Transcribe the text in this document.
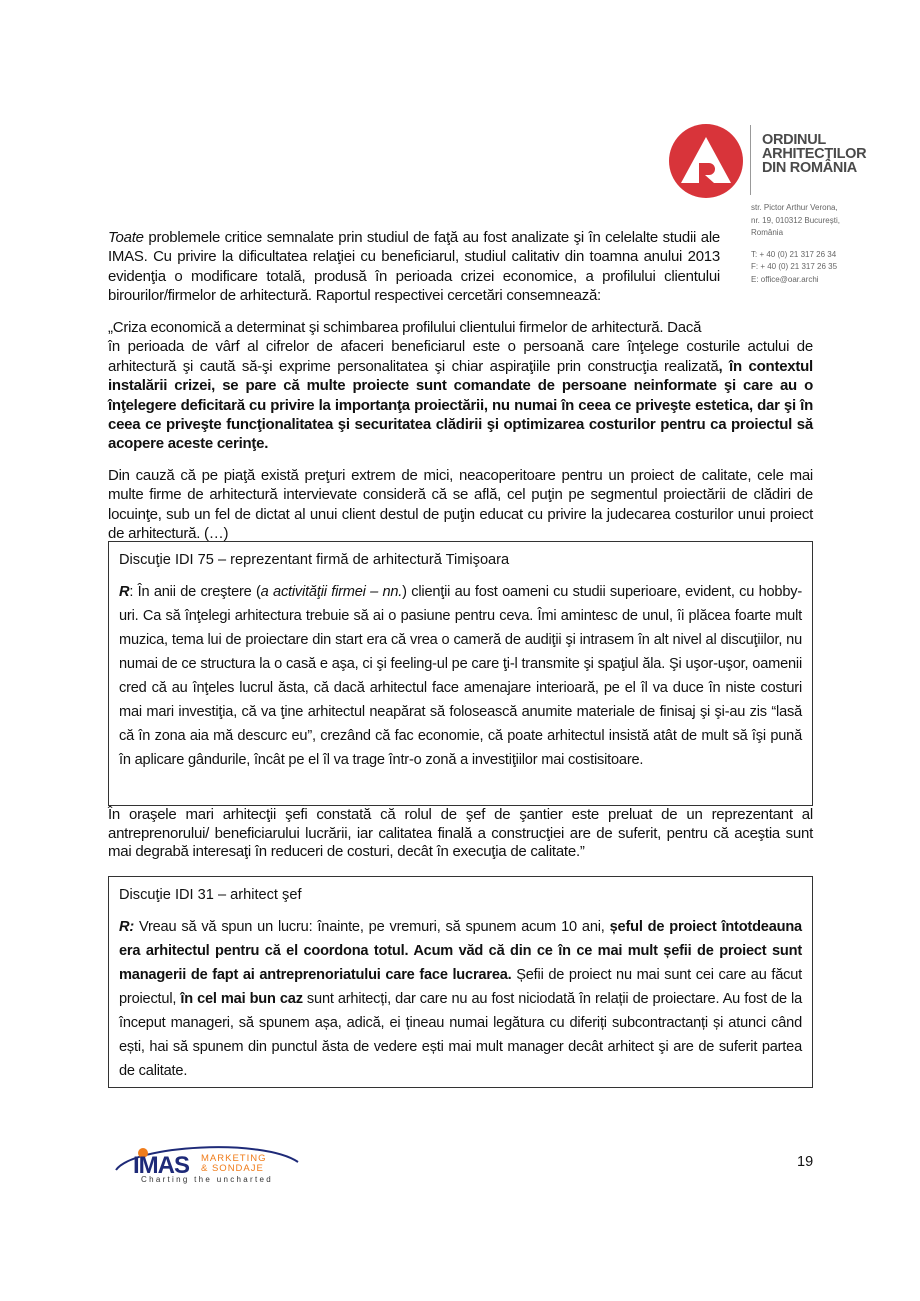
ORDINUL
ARHITECȚILOR
DIN ROMÂNIA
str. Pictor Arthur Verona,
nr. 19, 010312 București,
România
T: + 40 (0) 21 317 26 34
F: + 40 (0) 21 317 26 35
E: office@oar.archi

Toate problemele critice semnalate prin studiul de faţă au fost analizate şi în celelalte studii ale IMAS. Cu privire la dificultatea relaţiei cu beneficiarul, studiul calitativ din toamna anului 2013 evidenţia o modificare totală, produsă în perioada crizei economice, a profilului clientului birourilor/firmelor de arhitectură. Raportul respectivei cercetări consemnează:

„Criza economică a determinat şi schimbarea profilului clientului firmelor de arhitectură. Dacă
în perioada de vârf al cifrelor de afaceri beneficiarul este o persoană care înţelege costurile actului de arhitectură şi caută să-şi exprime personalitatea şi chiar aspiraţiile prin construcţia realizată, în contextul instalării crizei, se pare că multe proiecte sunt comandate de persoane neinformate şi care au o înţelegere deficitară cu privire la importanţa proiectării, nu numai în ceea ce priveşte estetica, dar şi în ceea ce priveşte funcţionalitatea şi securitatea clădirii şi optimizarea costurilor pentru ca proiectul să acopere aceste cerinţe.

Din cauză că pe piaţă există preţuri extrem de mici, neacoperitoare pentru un proiect de calitate, cele mai multe firme de arhitectură intervievate consideră că se află, cel puţin pe segmentul proiectării de clădiri de locuinţe, sub un fel de dictat al unui client destul de puţin educat cu privire la judecarea costurilor unui proiect de arhitectură. (…)

Discuţie IDI 75 – reprezentant firmă de arhitectură Timişoara
R: În anii de creştere (a activităţii firmei – nn.) clienţii au fost oameni cu studii superioare, evident, cu hobby-uri. Ca să înţelegi arhitectura trebuie să ai o pasiune pentru ceva. Îmi amintesc de unul, îi plăcea foarte mult muzica, tema lui de proiectare din start era că vrea o cameră de audiţii şi intrasem în alt nivel al discuţiilor, nu numai de ce structura la o casă e aşa, ci şi feeling-ul pe care ţi-l transmite şi spaţiul ăla. Şi uşor-uşor, oamenii cred că au înţeles lucrul ăsta, că dacă arhitectul face amenajare interioară, pe el îl va duce în niste costuri mai mari investiţia, că va ţine arhitectul neapărat să folosească anumite materiale de finisaj şi şi-au zis “lasă că în zona aia mă descurc eu”, crezând că fac economie, că poate arhitectul insistă atât de mult să îşi pună în aplicare gândurile, încât pe el îl va trage într-o zonă a investiţiilor mai costisitoare.

În oraşele mari arhitecţii şefi constată că rolul de şef de şantier este preluat de un reprezentant al antreprenorului/ beneficiarului lucrării, iar calitatea finală a construcţiei are de suferit, pentru că aceştia sunt mai degrabă interesaţi în reduceri de costuri, decât în execuţia de calitate.”

Discuţie IDI 31 – arhitect şef
R: Vreau să vă spun un lucru: înainte, pe vremuri, să spunem acum 10 ani, șeful de proiect întotdeauna era arhitectul pentru că el coordona totul. Acum văd că din ce în ce mai mult șefii de proiect sunt managerii de fapt ai antreprenoriatului care face lucrarea. Șefii de proiect nu mai sunt cei care au făcut proiectul, în cel mai bun caz sunt arhitecți, dar care nu au fost niciodată în relații de proiectare. Au fost de la început manageri, să spunem așa, adică, ei țineau numai legătura cu diferiți subcontractanți și atunci când ești, hai să spunem din punctul ăsta de vedere ești mai mult manager decât arhitect şi are de suferit partea de calitate.
IMAS MARKETING
& SONDAJE
Charting the uncharted
19
